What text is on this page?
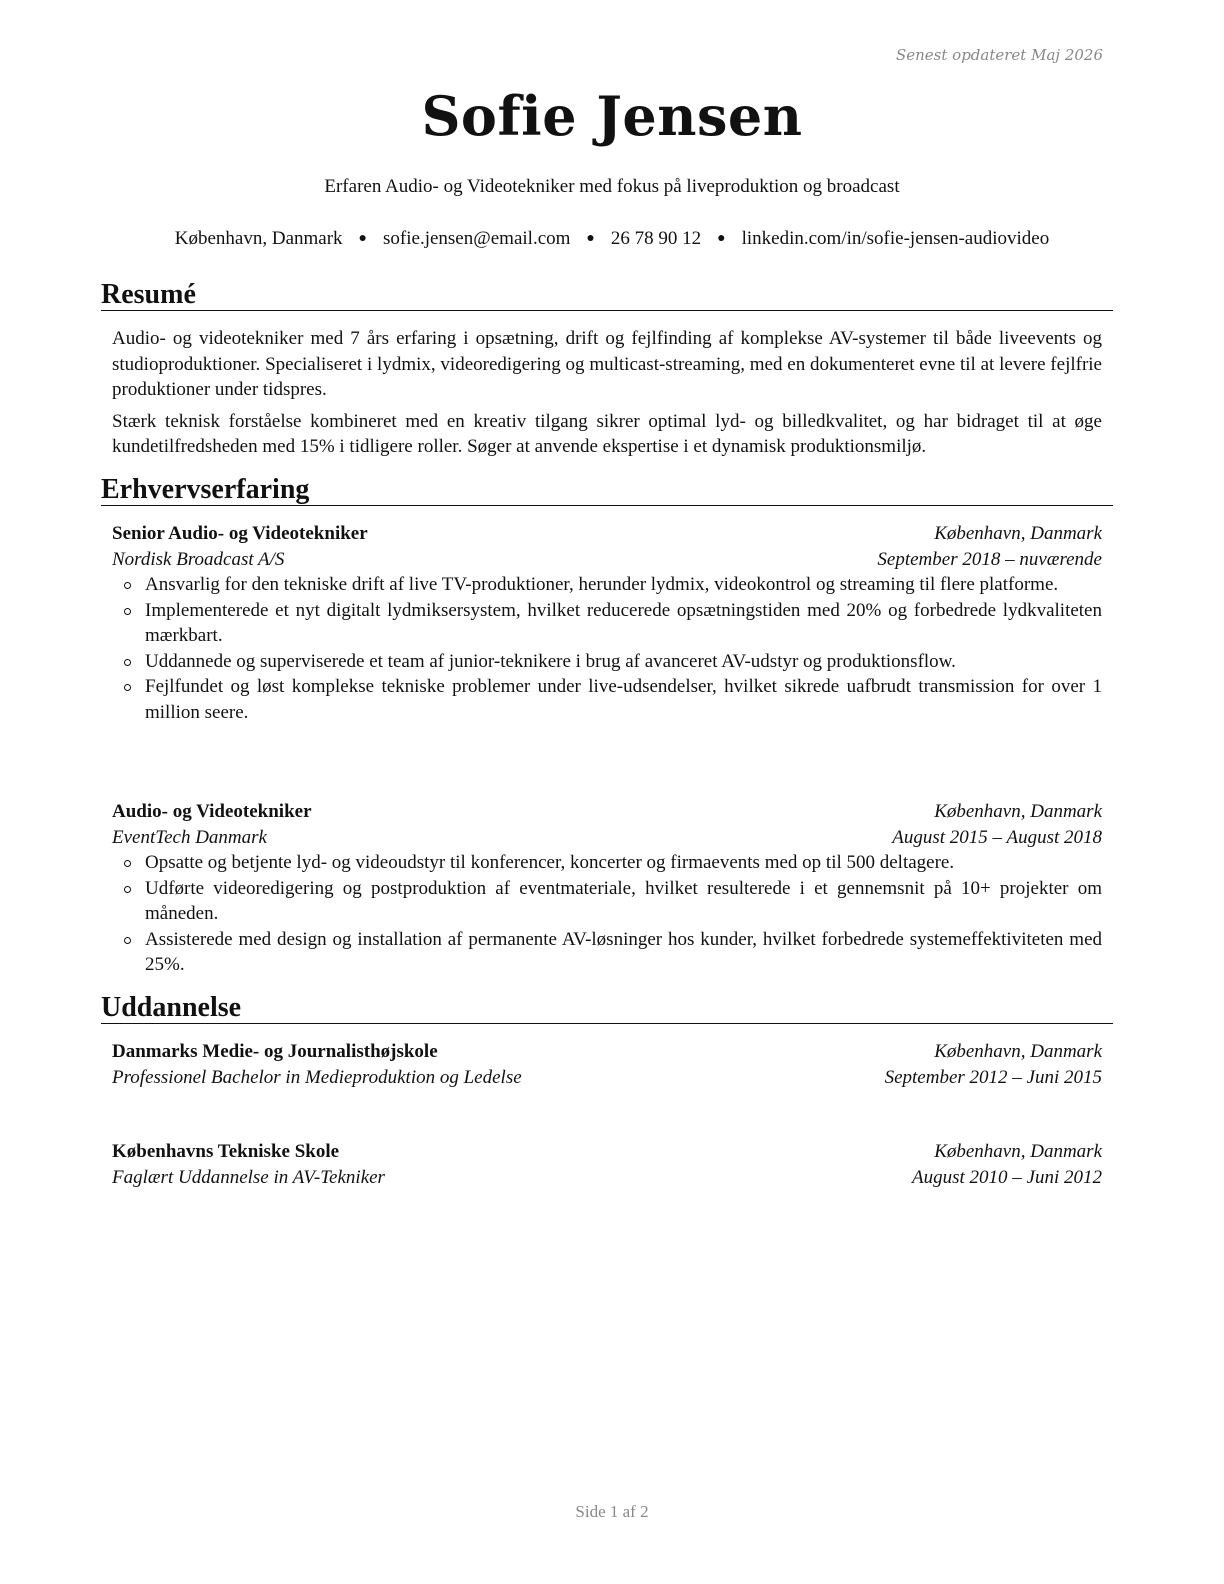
Senest opdateret Maj 2026
Sofie Jensen
Erfaren Audio- og Videotekniker med fokus på liveproduktion og broadcast
København, Danmark ● sofie.jensen@email.com ● 26 78 90 12 ● linkedin.com/in/sofie-jensen-audiovideo
Resumé

Audio- og videotekniker med 7 års erfaring i opsætning, drift og fejlfinding af komplekse AV-systemer til både liveevents og studioproduktioner. Specialiseret i lydmix, videoredigering og multicast-streaming, med en dokumenteret evne til at levere fejlfrie produktioner under tidspres.

Stærk teknisk forståelse kombineret med en kreativ tilgang sikrer optimal lyd- og billedkvalitet, og har bidraget til at øge kundetilfredsheden med 15% i tidligere roller. Søger at anvende ekspertise i et dynamisk produktionsmiljø.

Erhvervserfaring
Senior Audio- og Videotekniker	København, Danmark
Nordisk Broadcast A/S	September 2018 – nuværende
Ansvarlig for den tekniske drift af live TV-produktioner, herunder lydmix, videokontrol og streaming til flere platforme.
Implementerede et nyt digitalt lydmiksersystem, hvilket reducerede opsætningstiden med 20% og forbedrede lydkvaliteten mærkbart.
Uddannede og superviserede et team af junior-teknikere i brug af avanceret AV-udstyr og produktionsflow.
Fejlfundet og løst komplekse tekniske problemer under live-udsendelser, hvilket sikrede uafbrudt transmission for over 1 million seere.
Audio- og Videotekniker	København, Danmark
EventTech Danmark	August 2015 – August 2018
Opsatte og betjente lyd- og videoudstyr til konferencer, koncerter og firmaevents med op til 500 deltagere.
Udførte videoredigering og postproduktion af eventmateriale, hvilket resulterede i et gennemsnit på 10+ projekter om måneden.
Assisterede med design og installation af permanente AV-løsninger hos kunder, hvilket forbedrede systemeffektiviteten med 25%.
Uddannelse
Danmarks Medie- og Journalisthøjskole	København, Danmark
Professionel Bachelor in Medieproduktion og Ledelse	September 2012 – Juni 2015
Københavns Tekniske Skole	København, Danmark
Faglært Uddannelse in AV-Tekniker	August 2010 – Juni 2012
Side 1 af 2
